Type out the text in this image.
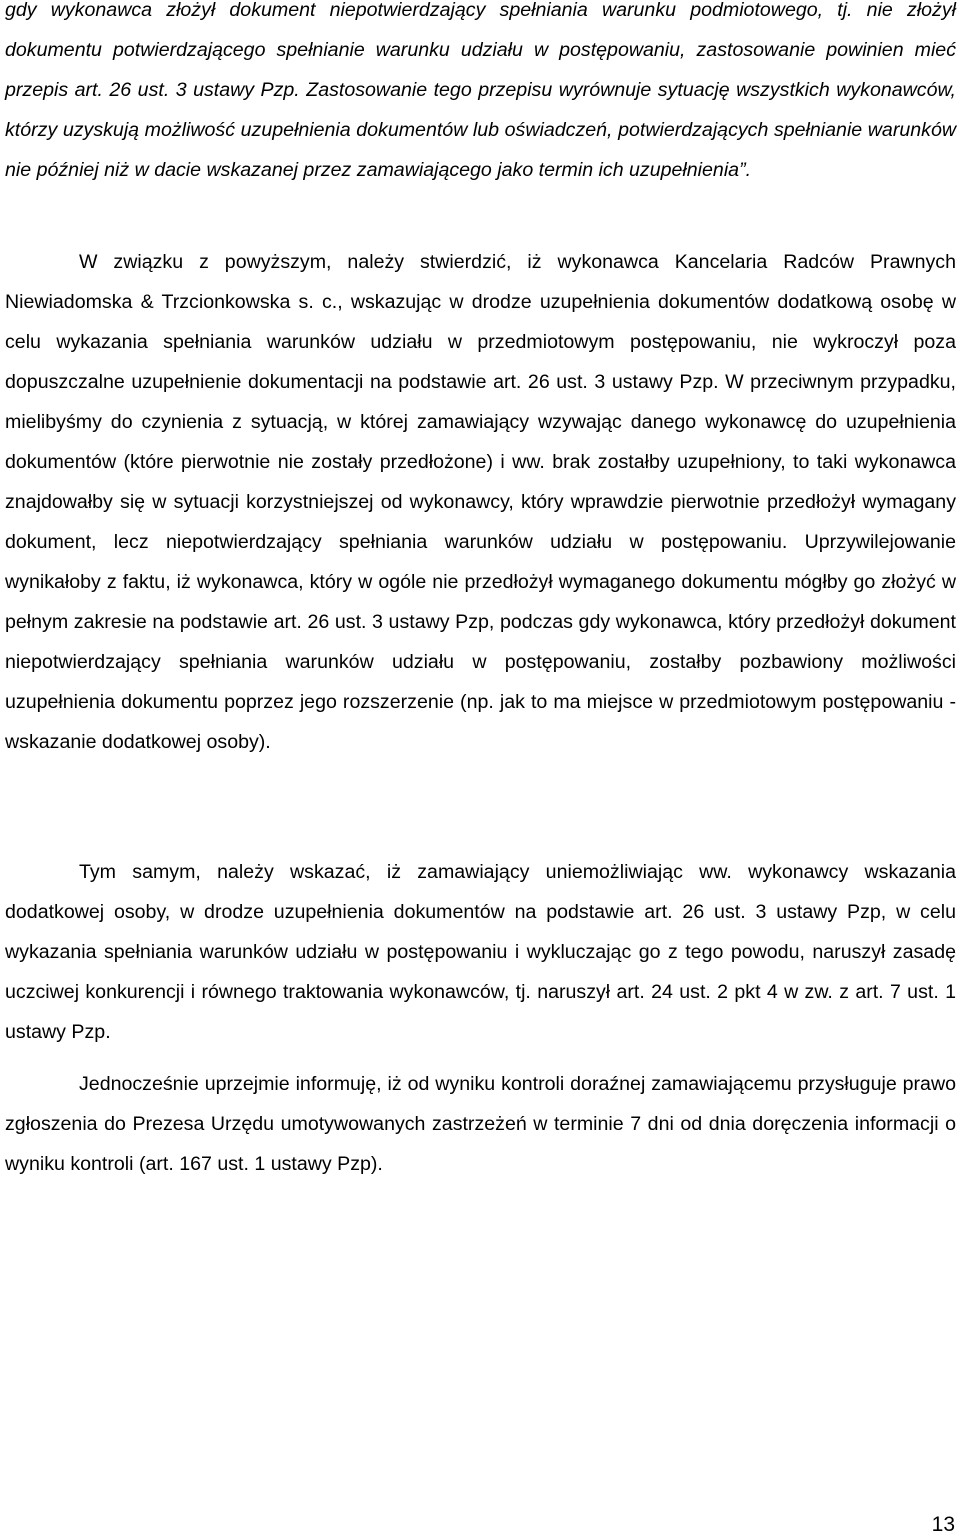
gdy wykonawca złożył dokument niepotwierdzający spełniania warunku podmiotowego, tj. nie złożył dokumentu potwierdzającego spełnianie warunku udziału w postępowaniu, zastosowanie powinien mieć przepis art. 26 ust. 3 ustawy Pzp. Zastosowanie tego przepisu wyrównuje sytuację wszystkich wykonawców, którzy uzyskują możliwość uzupełnienia dokumentów lub oświadczeń, potwierdzających spełnianie warunków nie później niż w dacie wskazanej przez zamawiającego jako termin ich uzupełnienia”.

W związku z powyższym, należy stwierdzić, iż wykonawca Kancelaria Radców Prawnych Niewiadomska & Trzcionkowska s. c., wskazując w drodze uzupełnienia dokumentów dodatkową osobę w celu wykazania spełniania warunków udziału w przedmiotowym postępowaniu, nie wykroczył poza dopuszczalne uzupełnienie dokumentacji na podstawie art. 26 ust. 3 ustawy Pzp. W przeciwnym przypadku, mielibyśmy do czynienia z sytuacją, w której zamawiający wzywając danego wykonawcę do uzupełnienia dokumentów (które pierwotnie nie zostały przedłożone) i ww. brak zostałby uzupełniony, to taki wykonawca znajdowałby się w sytuacji korzystniejszej od wykonawcy, który wprawdzie pierwotnie przedłożył wymagany dokument, lecz niepotwierdzający spełniania warunków udziału w postępowaniu. Uprzywilejowanie wynikałoby z faktu, iż wykonawca, który w ogóle nie przedłożył wymaganego dokumentu mógłby go złożyć w pełnym zakresie na podstawie art. 26 ust. 3 ustawy Pzp, podczas gdy wykonawca, który przedłożył dokument niepotwierdzający spełniania warunków udziału w postępowaniu, zostałby pozbawiony możliwości uzupełnienia dokumentu poprzez jego rozszerzenie (np. jak to ma miejsce w przedmiotowym postępowaniu - wskazanie dodatkowej osoby).

Tym samym, należy wskazać, iż zamawiający uniemożliwiając ww. wykonawcy wskazania dodatkowej osoby, w drodze uzupełnienia dokumentów na podstawie art. 26 ust. 3 ustawy Pzp, w celu wykazania spełniania warunków udziału w postępowaniu i wykluczając go z tego powodu, naruszył zasadę uczciwej konkurencji i równego traktowania wykonawców, tj. naruszył art. 24 ust. 2 pkt 4 w zw. z art. 7 ust. 1 ustawy Pzp.

Jednocześnie uprzejmie informuję, iż od wyniku kontroli doraźnej zamawiającemu przysługuje prawo zgłoszenia do Prezesa Urzędu umotywowanych zastrzeżeń w terminie 7 dni od dnia doręczenia informacji o wyniku kontroli (art. 167 ust. 1 ustawy Pzp).

13
